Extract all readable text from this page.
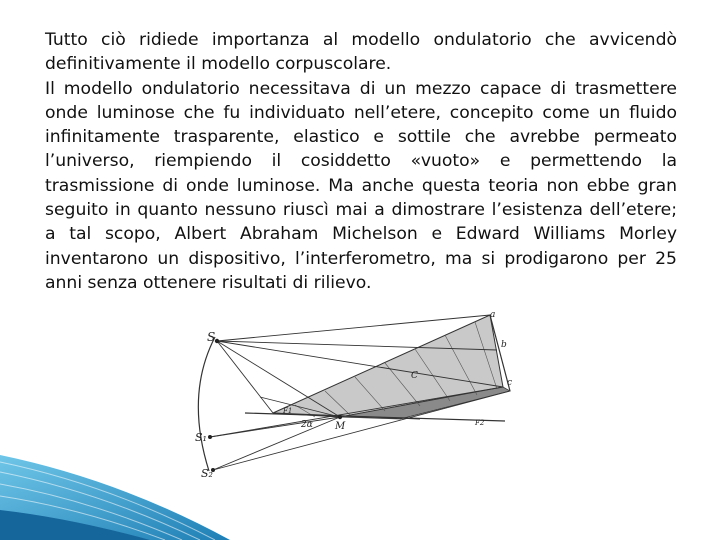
Tutto ciò ridiede importanza al modello ondulatorio che avvicendò definitivamente il modello corpuscolare.

Il modello ondulatorio necessitava di un mezzo capace di trasmettere onde luminose che fu individuato nell’etere, concepito come un fluido infinitamente trasparente, elastico e sottile che avrebbe permeato l’universo, riempiendo il cosiddetto «vuoto» e permettendo la trasmissione di onde luminose. Ma anche questa teoria non ebbe gran seguito in quanto nessuno riuscì mai a dimostrare l’esistenza dell’etere; a tal scopo, Albert Abraham Michelson e Edward Williams Morley inventarono un dispositivo, l’interferometro, ma si prodigarono per 25 anni senza ottenere risultati di rilievo.

S
S₁
S₂
a
b
C
c
F1
F2
M
2α
